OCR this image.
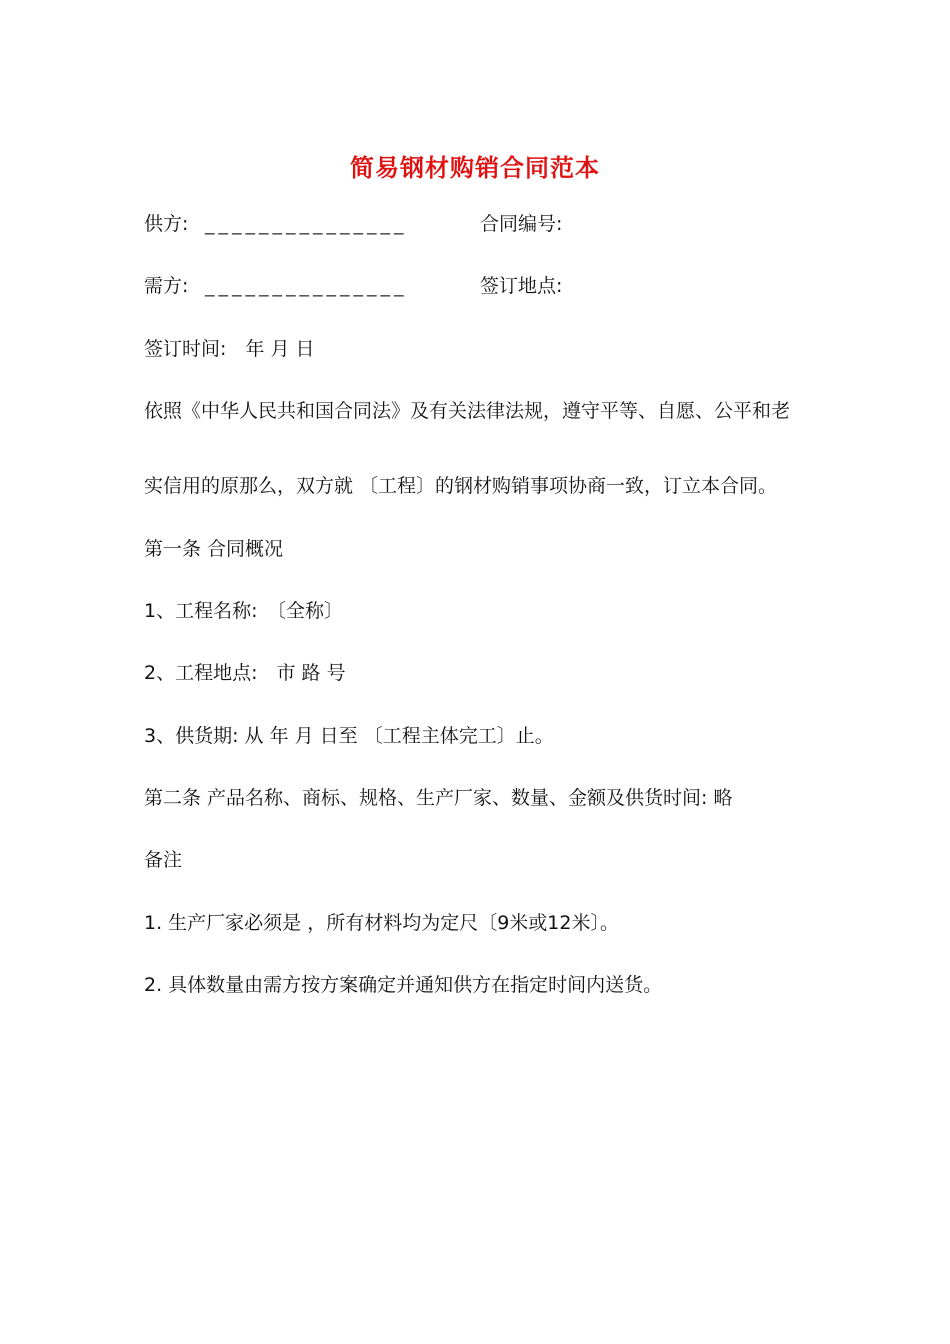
简易钢材购销合同范本
供方: _______________	合同编号:
需方: _______________	签订地点:
签订时间:　年 月 日
依照《中华人民共和国合同法》及有关法律法规，遵守平等、自愿、公平和老
实信用的原那么，双方就 〔工程〕的钢材购销事项协商一致，订立本合同。
第一条 合同概况
1、工程名称:　〔全称〕
2、工程地点:　市 路 号
3、供货期: 从 年 月 日至 〔工程主体完工〕止。
第二条 产品名称、商标、规格、生产厂家、数量、金额及供货时间: 略
备注
1. 生产厂家必须是 ，所有材料均为定尺〔9米或12米〕。
2. 具体数量由需方按方案确定并通知供方在指定时间内送货。
